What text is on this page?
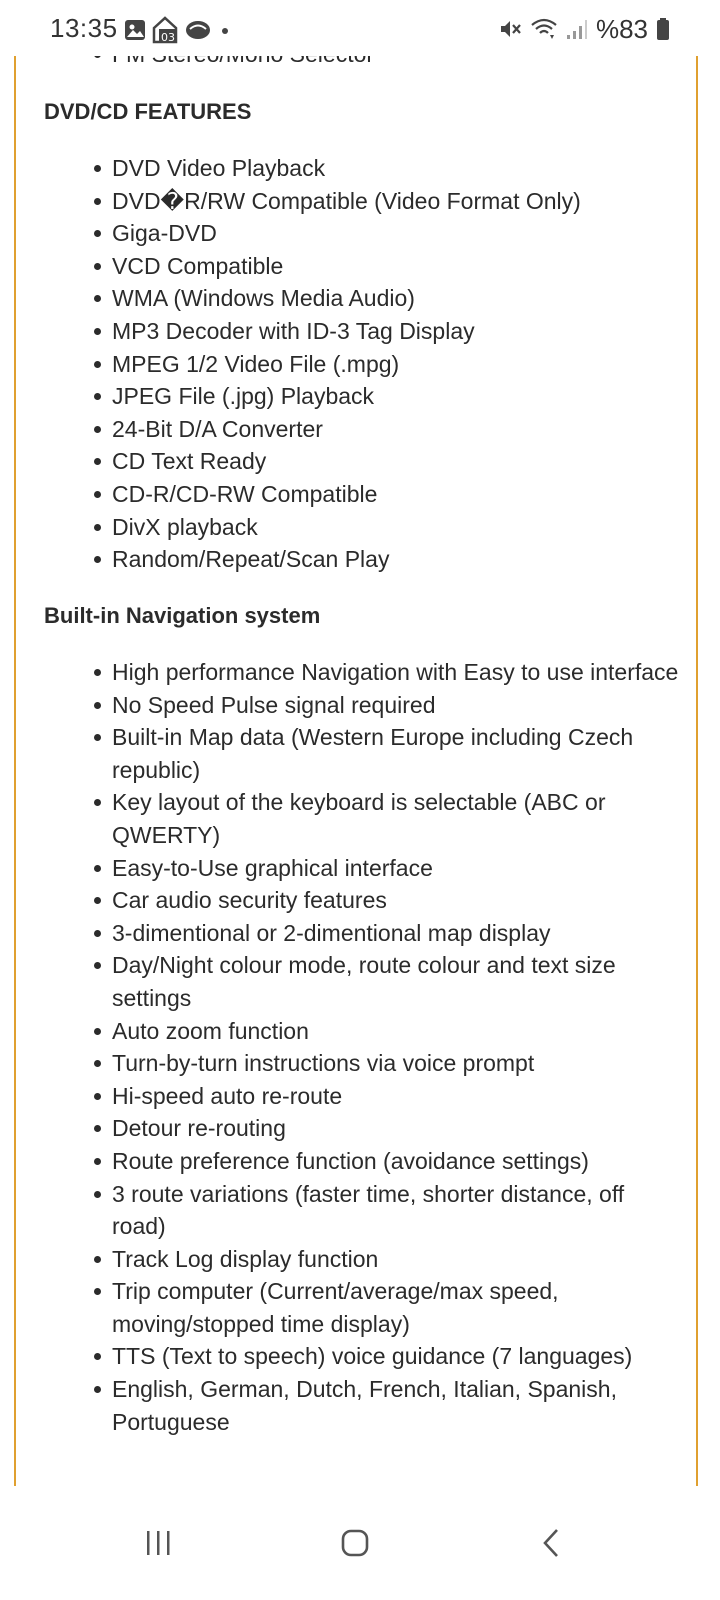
13:35	03	%83
DVD/CD FEATURES
DVD Video Playback
DVD�R/RW Compatible (Video Format Only)
Giga-DVD
VCD Compatible
WMA (Windows Media Audio)
MP3 Decoder with ID-3 Tag Display
MPEG 1/2 Video File (.mpg)
JPEG File (.jpg) Playback
24-Bit D/A Converter
CD Text Ready
CD-R/CD-RW Compatible
DivX playback
Random/Repeat/Scan Play
Built-in Navigation system
High performance Navigation with Easy to use interface
No Speed Pulse signal required
Built-in Map data (Western Europe including Czech republic)
Key layout of the keyboard is selectable (ABC or QWERTY)
Easy-to-Use graphical interface
Car audio security features
3-dimentional or 2-dimentional map display
Day/Night colour mode, route colour and text size settings
Auto zoom function
Turn-by-turn instructions via voice prompt
Hi-speed auto re-route
Detour re-routing
Route preference function (avoidance settings)
3 route variations (faster time, shorter distance, off road)
Track Log display function
Trip computer (Current/average/max speed, moving/stopped time display)
TTS (Text to speech) voice guidance (7 languages)
English, German, Dutch, French, Italian, Spanish, Portuguese
